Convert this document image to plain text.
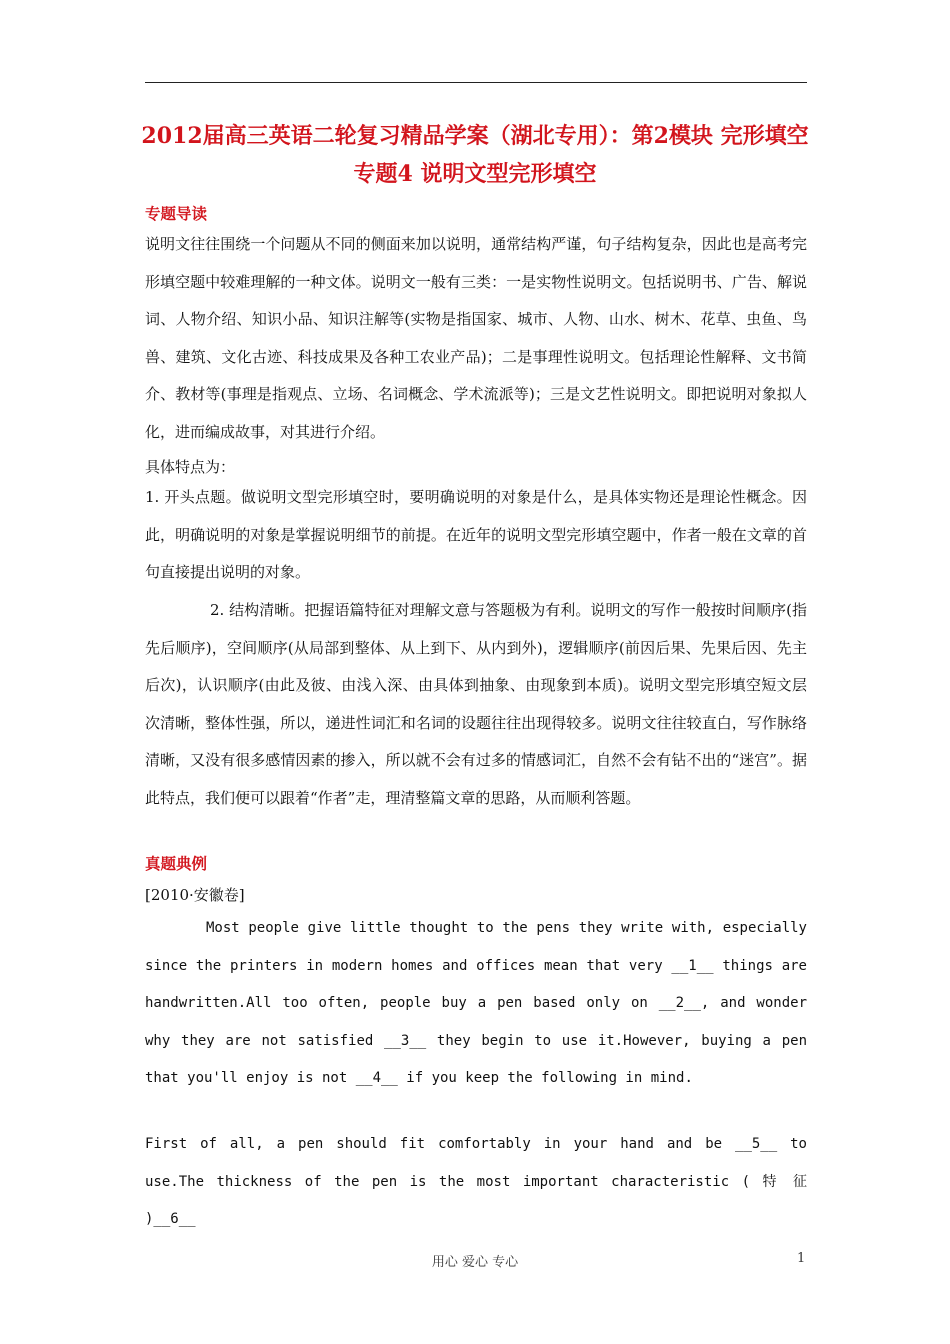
2012届高三英语二轮复习精品学案（湖北专用）：第2模块 完形填空
专题4 说明文型完形填空
专题导读

说明文往往围绕一个问题从不同的侧面来加以说明，通常结构严谨，句子结构复杂，因此也是高考完形填空题中较难理解的一种文体。说明文一般有三类：一是实物性说明文。包括说明书、广告、解说词、人物介绍、知识小品、知识注解等(实物是指国家、城市、人物、山水、树木、花草、虫鱼、鸟兽、建筑、文化古迹、科技成果及各种工农业产品)；二是事理性说明文。包括理论性解释、文书简介、教材等(事理是指观点、立场、名词概念、学术流派等)；三是文艺性说明文。即把说明对象拟人化，进而编成故事，对其进行介绍。

具体特点为：

1. 开头点题。做说明文型完形填空时，要明确说明的对象是什么，是具体实物还是理论性概念。因此，明确说明的对象是掌握说明细节的前提。在近年的说明文型完形填空题中，作者一般在文章的首句直接提出说明的对象。

2. 结构清晰。把握语篇特征对理解文意与答题极为有利。说明文的写作一般按时间顺序(指先后顺序)，空间顺序(从局部到整体、从上到下、从内到外)，逻辑顺序(前因后果、先果后因、先主后次)，认识顺序(由此及彼、由浅入深、由具体到抽象、由现象到本质)。说明文型完形填空短文层次清晰，整体性强，所以，递进性词汇和名词的设题往往出现得较多。说明文往往较直白，写作脉络清晰，又没有很多感情因素的掺入，所以就不会有过多的情感词汇，自然不会有钻不出的“迷宫”。据此特点，我们便可以跟着“作者”走，理清整篇文章的思路，从而顺利答题。

真题典例
[2010·安徽卷]

Most people give little thought to the pens they write with, especially since the printers in modern homes and offices mean that very __1__ things are handwritten.All too often, people buy a pen based only on __2__, and wonder why they are not satisfied __3__ they begin to use it.However, buying a pen that you'll enjoy is not __4__ if you keep the following in mind.

First of all, a pen should fit comfortably in your hand and be __5__ to use.The thickness of the pen is the most important characteristic ( 特 征 )__6__

用心 爱心 专心	1
